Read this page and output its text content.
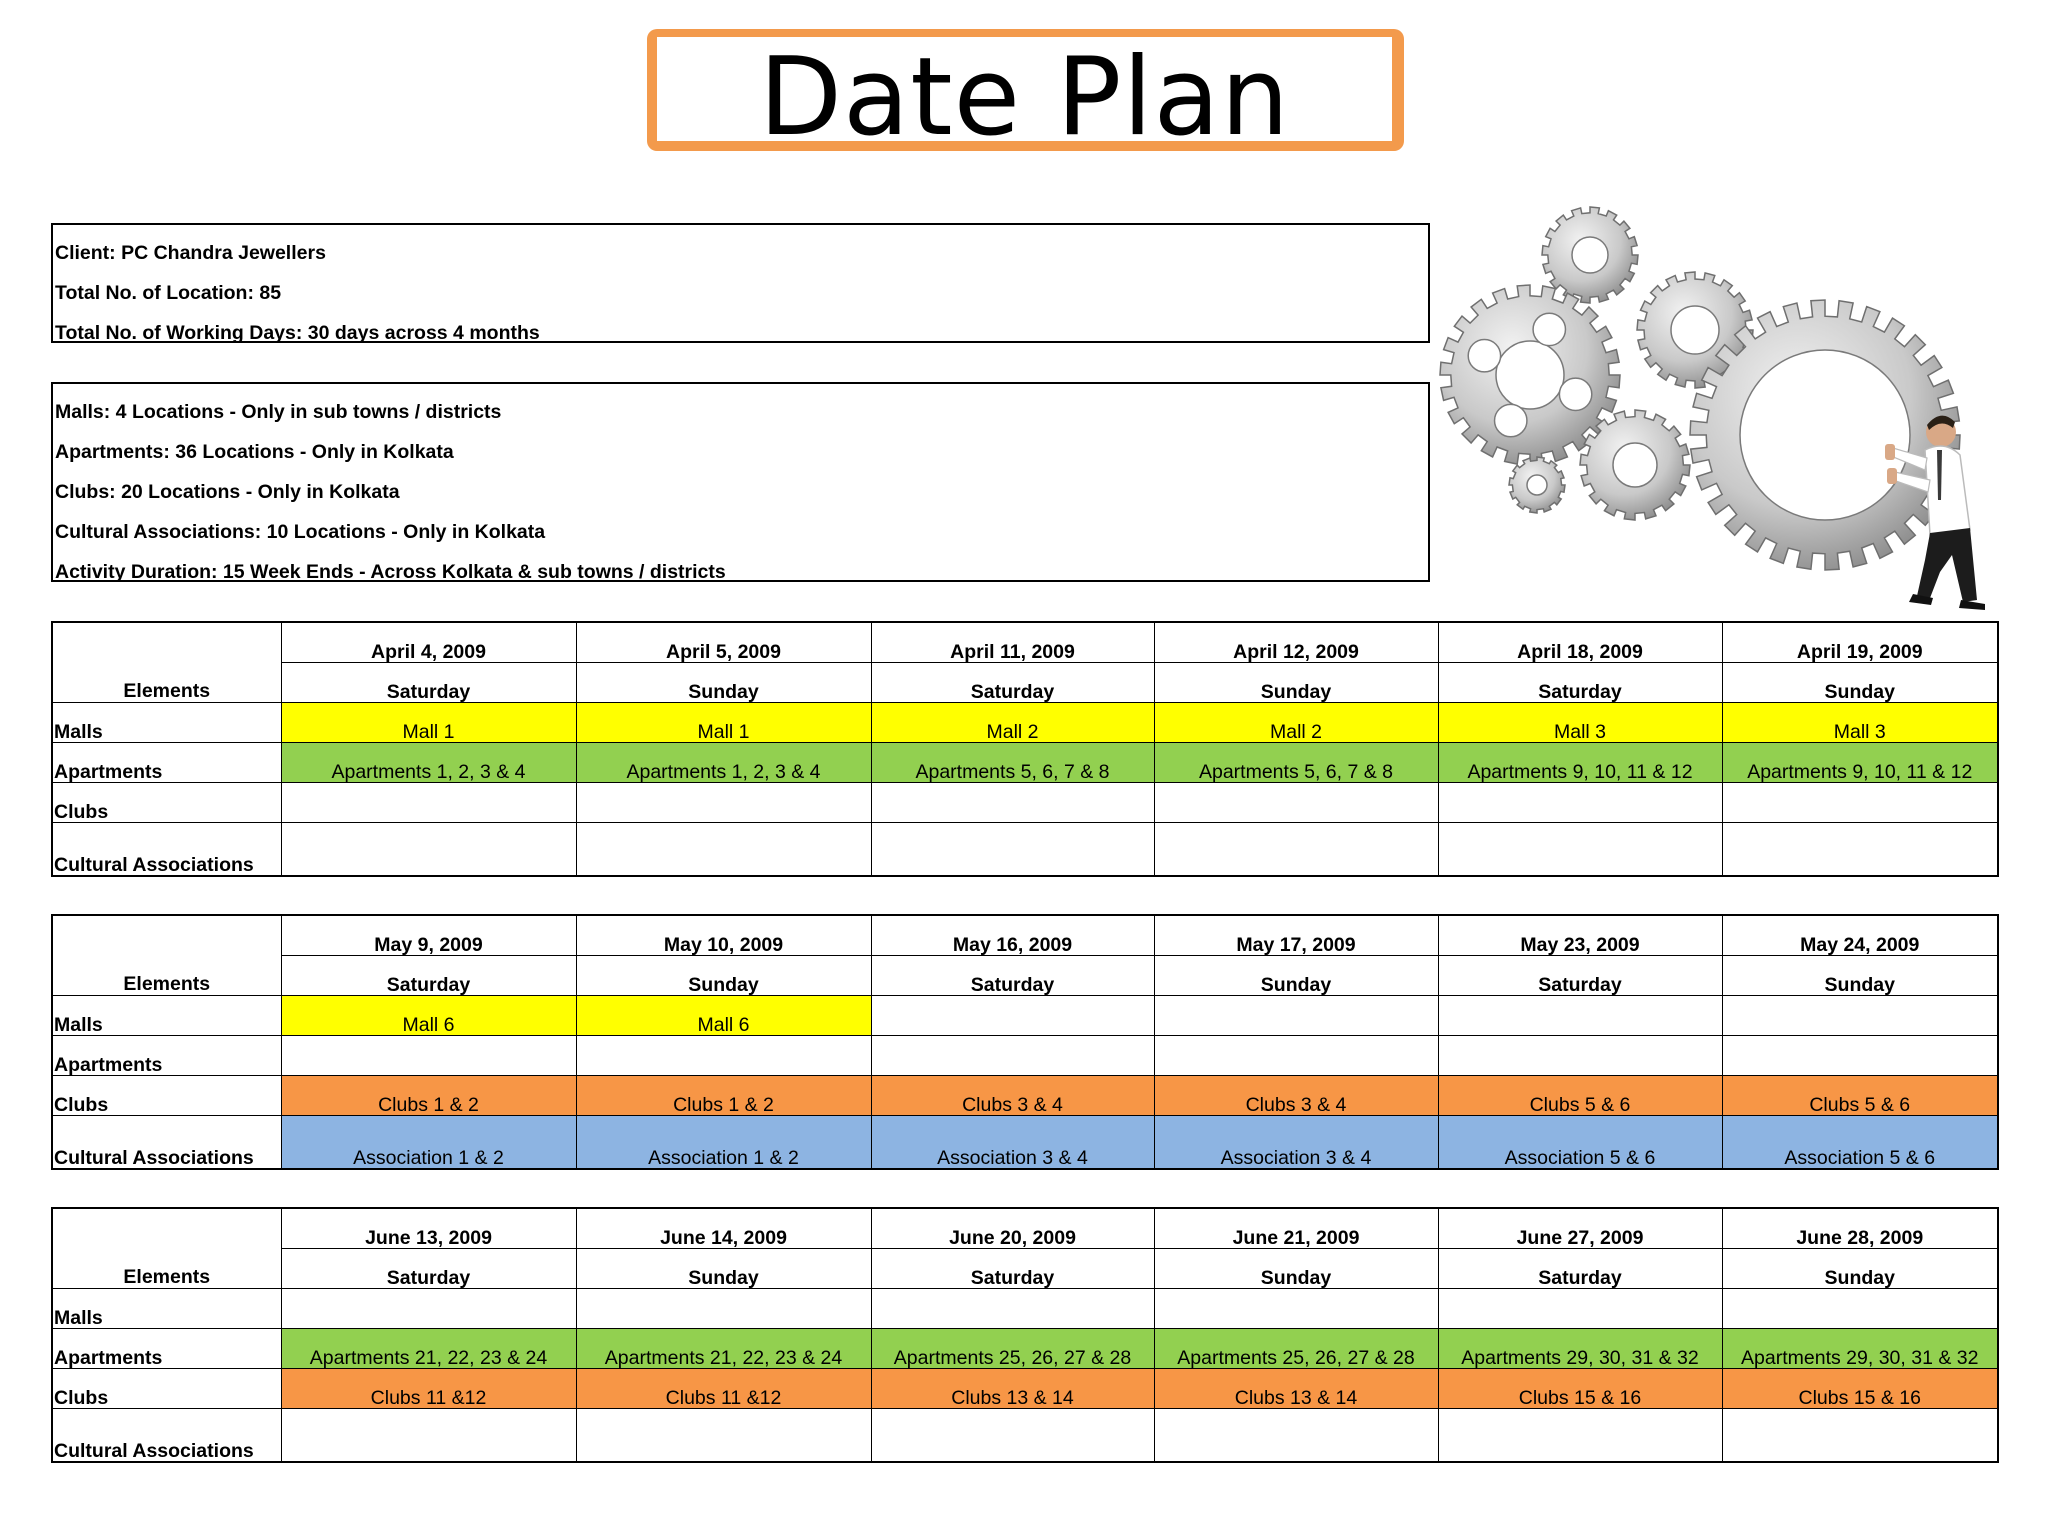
Date Plan
Client: PC Chandra Jewellers
Total No. of Location: 85
Total No. of Working Days: 30 days across 4 months
Malls: 4 Locations - Only in sub towns / districts
Apartments: 36 Locations - Only in Kolkata
Clubs: 20 Locations - Only in Kolkata
Cultural Associations: 10 Locations - Only in Kolkata
Activity Duration: 15 Week Ends - Across Kolkata & sub towns / districts
Elements	April 4, 2009	April 5, 2009	April 11, 2009	April 12, 2009	April 18, 2009	April 19, 2009
	Saturday	Sunday	Saturday	Sunday	Saturday	Sunday
Malls	Mall 1	Mall 1	Mall 2	Mall 2	Mall 3	Mall 3
Apartments	Apartments 1, 2, 3 & 4	Apartments 1, 2, 3 & 4	Apartments 5, 6, 7 & 8	Apartments 5, 6, 7 & 8	Apartments 9, 10, 11 & 12	Apartments 9, 10, 11 & 12
Clubs						
Cultural Associations						
Elements	May 9, 2009	May 10, 2009	May 16, 2009	May 17, 2009	May 23, 2009	May 24, 2009
	Saturday	Sunday	Saturday	Sunday	Saturday	Sunday
Malls	Mall 6	Mall 6				
Apartments						
Clubs	Clubs 1 & 2	Clubs 1 & 2	Clubs 3 & 4	Clubs 3 & 4	Clubs 5 & 6	Clubs 5 & 6
Cultural Associations	Association 1 & 2	Association 1 & 2	Association 3 & 4	Association 3 & 4	Association 5 & 6	Association 5 & 6
Elements	June 13, 2009	June 14, 2009	June 20, 2009	June 21, 2009	June 27, 2009	June 28, 2009
	Saturday	Sunday	Saturday	Sunday	Saturday	Sunday
Malls						
Apartments	Apartments 21, 22, 23 & 24	Apartments 21, 22, 23 & 24	Apartments 25, 26, 27 & 28	Apartments 25, 26, 27 & 28	Apartments 29, 30, 31 & 32	Apartments 29, 30, 31 & 32
Clubs	Clubs 11 &12	Clubs 11 &12	Clubs 13 & 14	Clubs 13 & 14	Clubs 15 & 16	Clubs 15 & 16
Cultural Associations						
